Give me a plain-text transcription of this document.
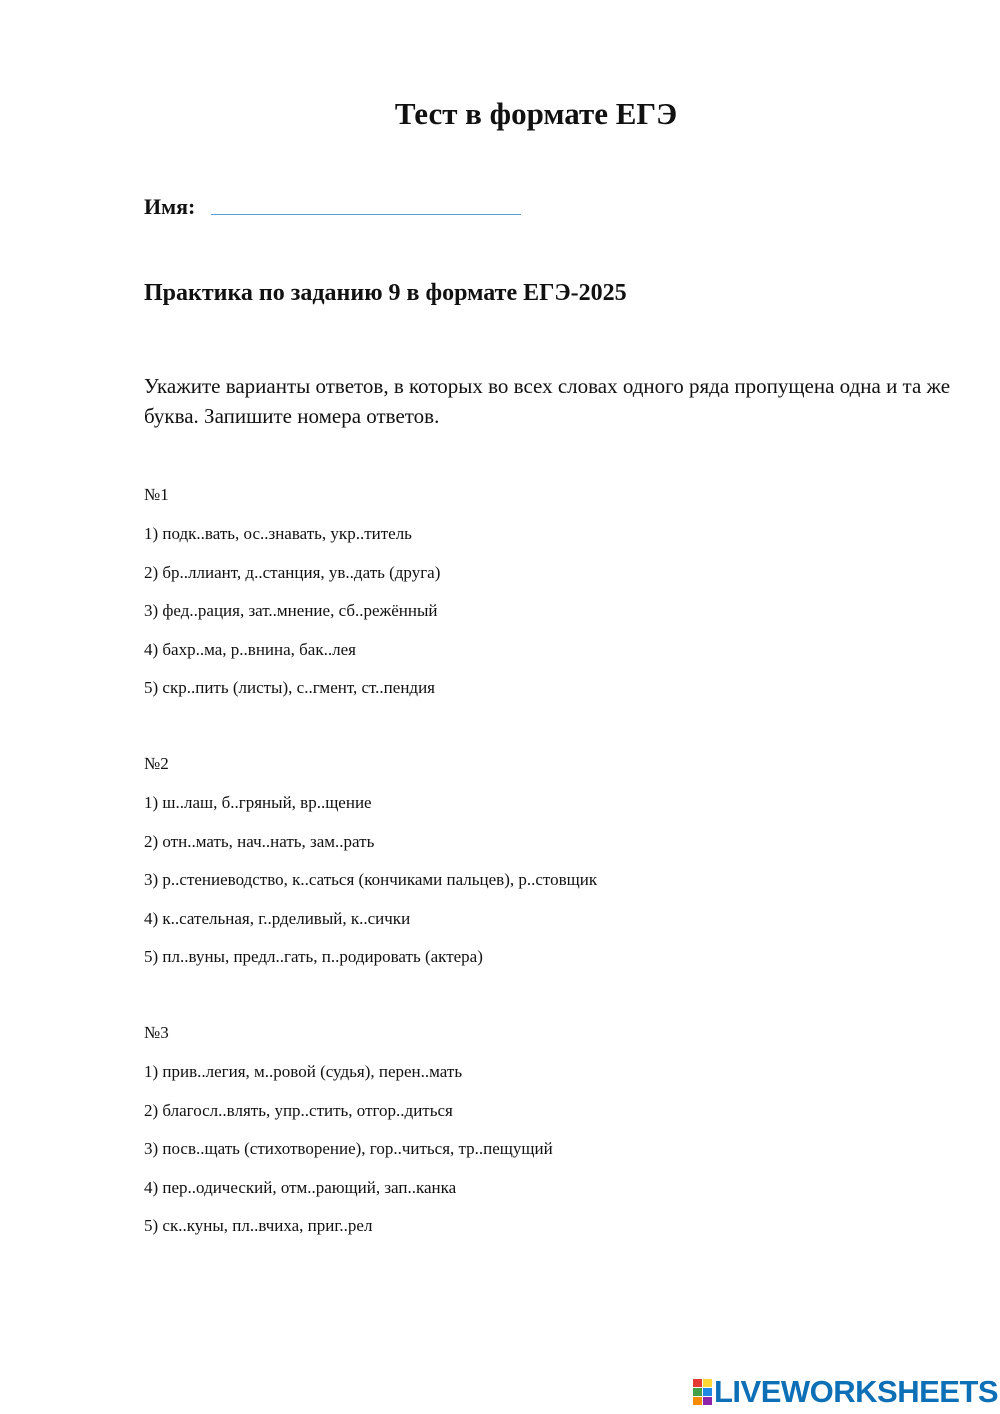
Тест в формате ЕГЭ
Имя:
Практика по заданию 9 в формате ЕГЭ-2025
Укажите варианты ответов, в которых во всех словах одного ряда пропущена одна и та же буква. Запишите номера ответов.
№1
1) подк..вать, ос..знавать, укр..титель
2) бр..ллиант, д..станция, ув..дать (друга)
3) фед..рация, зат..мнение, сб..режённый
4) бахр..ма, р..внина, бак..лея
5) скр..пить (листы), с..гмент, ст..пендия
№2
1) ш..лаш, б..гряный, вр..щение
2) отн..мать, нач..нать, зам..рать
3) р..стениеводство, к..саться (кончиками пальцев), р..стовщик
4) к..сательная, г..рделивый, к..сички
5) пл..вуны, предл..гать, п..родировать (актера)
№3
1) прив..легия, м..ровой (судья), перен..мать
2) благосл..влять, упр..стить, отгор..диться
3) посв..щать (стихотворение), гор..читься, тр..пещущий
4) пер..одический, отм..рающий, зап..канка
5) ск..куны, пл..вчиха, приг..рел
LIVEWORKSHEETS
